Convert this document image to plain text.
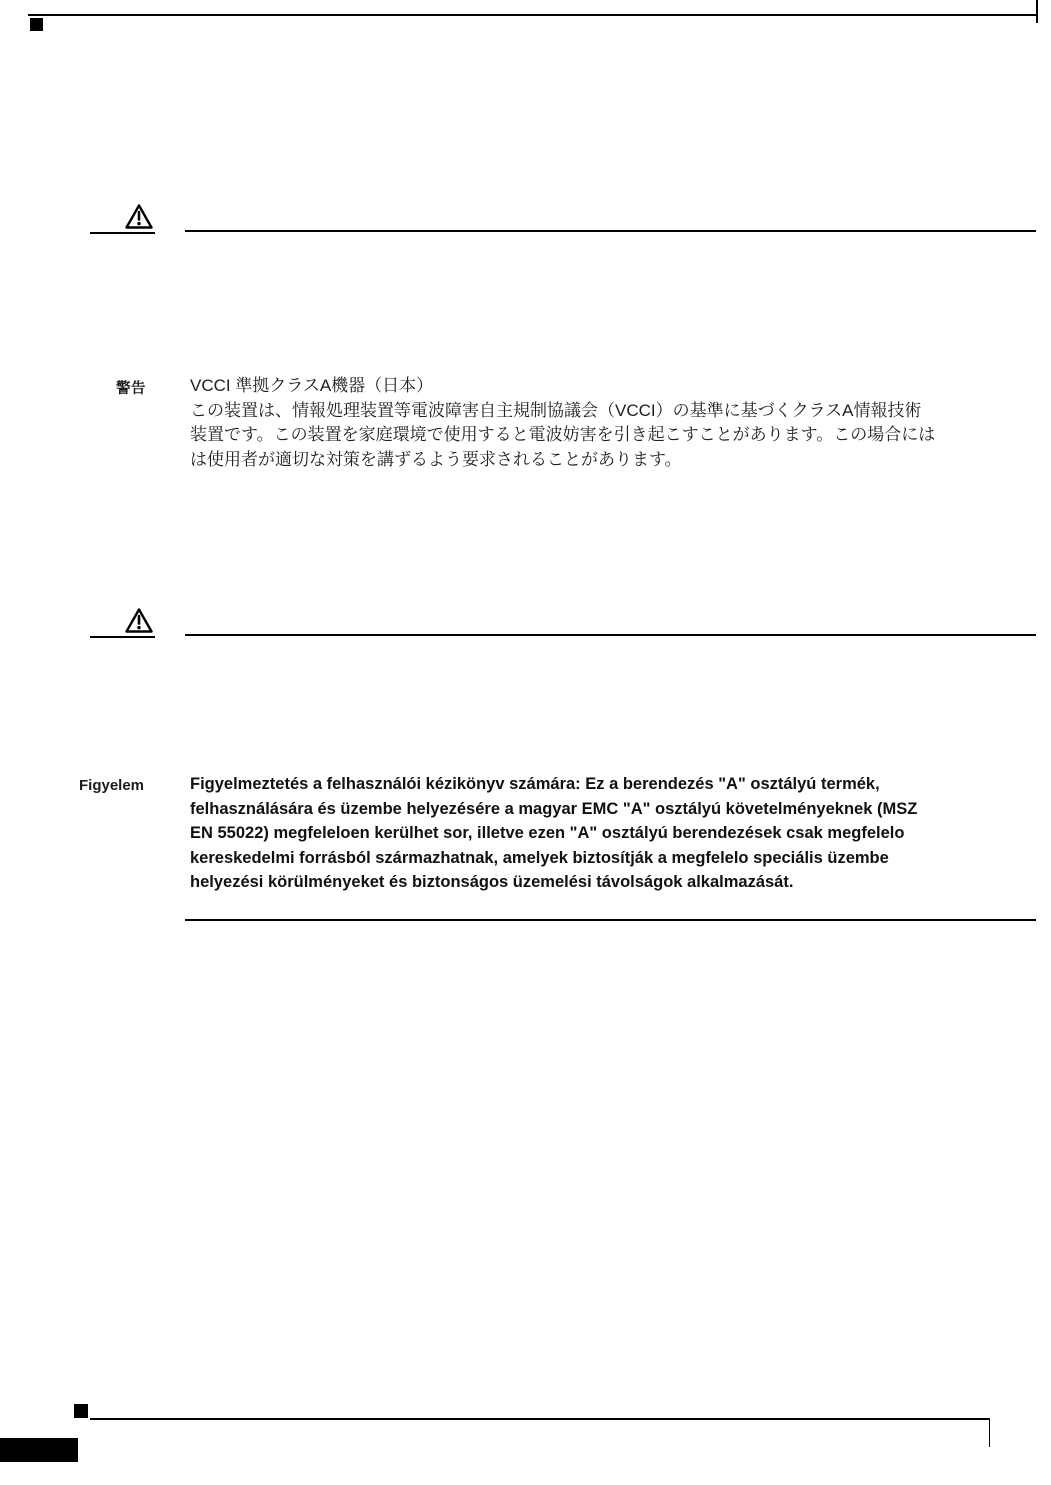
警告	VCCI 準拠クラスA機器（日本）
この装置は、情報処理装置等電波障害自主規制協議会（VCCI）の基準に基づくクラスA情報技術
装置です。この装置を家庭環境で使用すると電波妨害を引き起こすことがあります。この場合には
は使用者が適切な対策を講ずるよう要求されることがあります。
Figyelem	Figyelmeztetés a felhasználói kézikönyv számára: Ez a berendezés "A" osztályú termék,
felhasználására és üzembe helyezésére a magyar EMC "A" osztályú követelményeknek (MSZ
EN 55022) megfeleloen kerülhet sor, illetve ezen "A" osztályú berendezések csak megfelelo
kereskedelmi forrásból származhatnak, amelyek biztosítják a megfelelo speciális üzembe
helyezési körülményeket és biztonságos üzemelési távolságok alkalmazását.
